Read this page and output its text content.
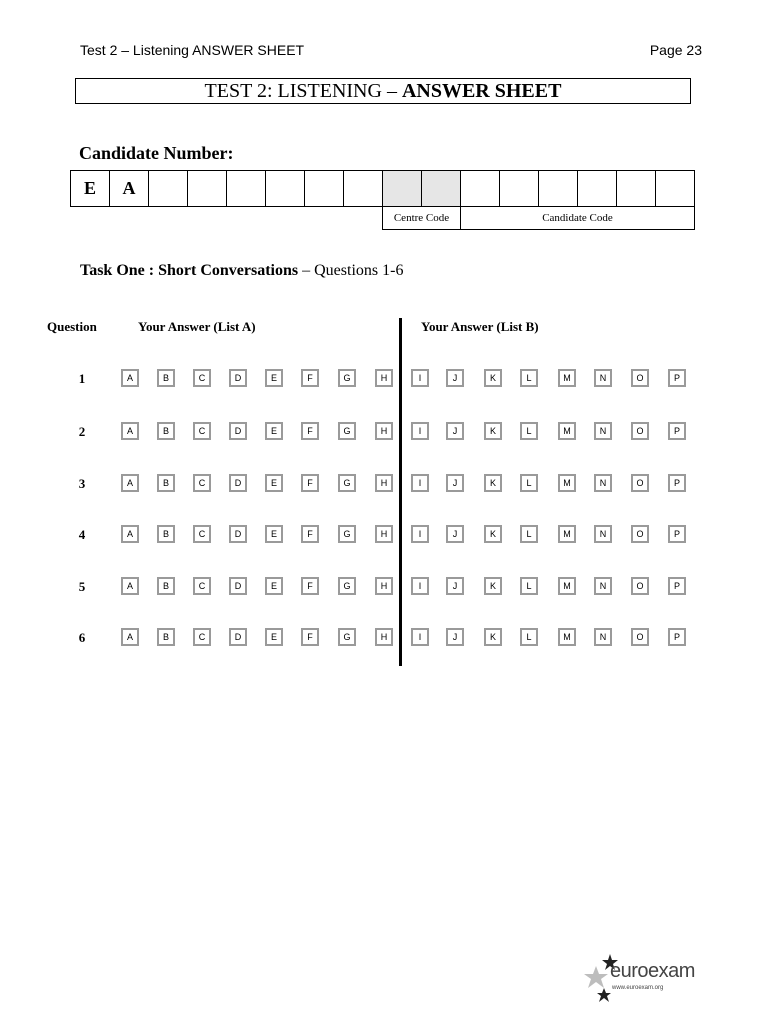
Test 2 – Listening ANSWER SHEET	Page 23
TEST 2: LISTENING – ANSWER SHEET
Candidate Number:
E	A														
								Centre Code		Candidate Code					
Task One : Short Conversations – Questions 1-6
Question	Your Answer (List A)	Your Answer (List B)
1	A	B	C	D	E	F	G	H	I	J	K	L	M	N	O	P
2	A	B	C	D	E	F	G	H	I	J	K	L	M	N	O	P
3	A	B	C	D	E	F	G	H	I	J	K	L	M	N	O	P
4	A	B	C	D	E	F	G	H	I	J	K	L	M	N	O	P
5	A	B	C	D	E	F	G	H	I	J	K	L	M	N	O	P
6	A	B	C	D	E	F	G	H	I	J	K	L	M	N	O	P
euroexam
www.euroexam.org
